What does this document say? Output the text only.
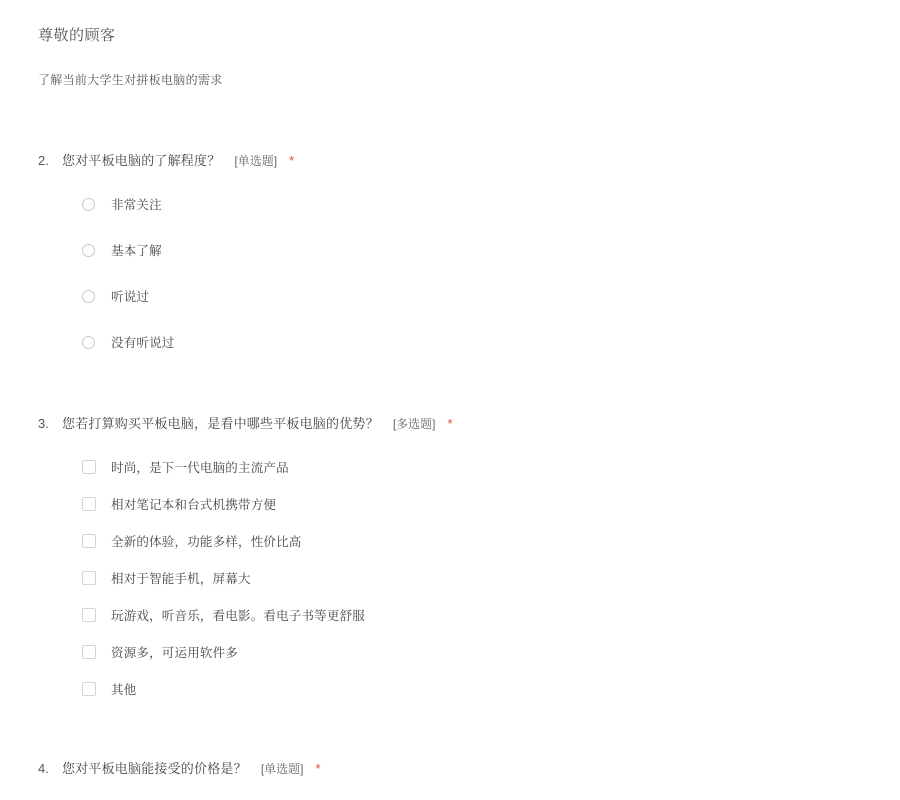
尊敬的顾客
了解当前大学生对拼板电脑的需求
2.	您对平板电脑的了解程度？ [单选题] *
非常关注
基本了解
听说过
没有听说过
3.	您若打算购买平板电脑，是看中哪些平板电脑的优势？ [多选题] *
时尚，是下一代电脑的主流产品
相对笔记本和台式机携带方便
全新的体验，功能多样，性价比高
相对于智能手机，屏幕大
玩游戏，听音乐，看电影。看电子书等更舒服
资源多，可运用软件多
其他
4.	您对平板电脑能接受的价格是？ [单选题] *
